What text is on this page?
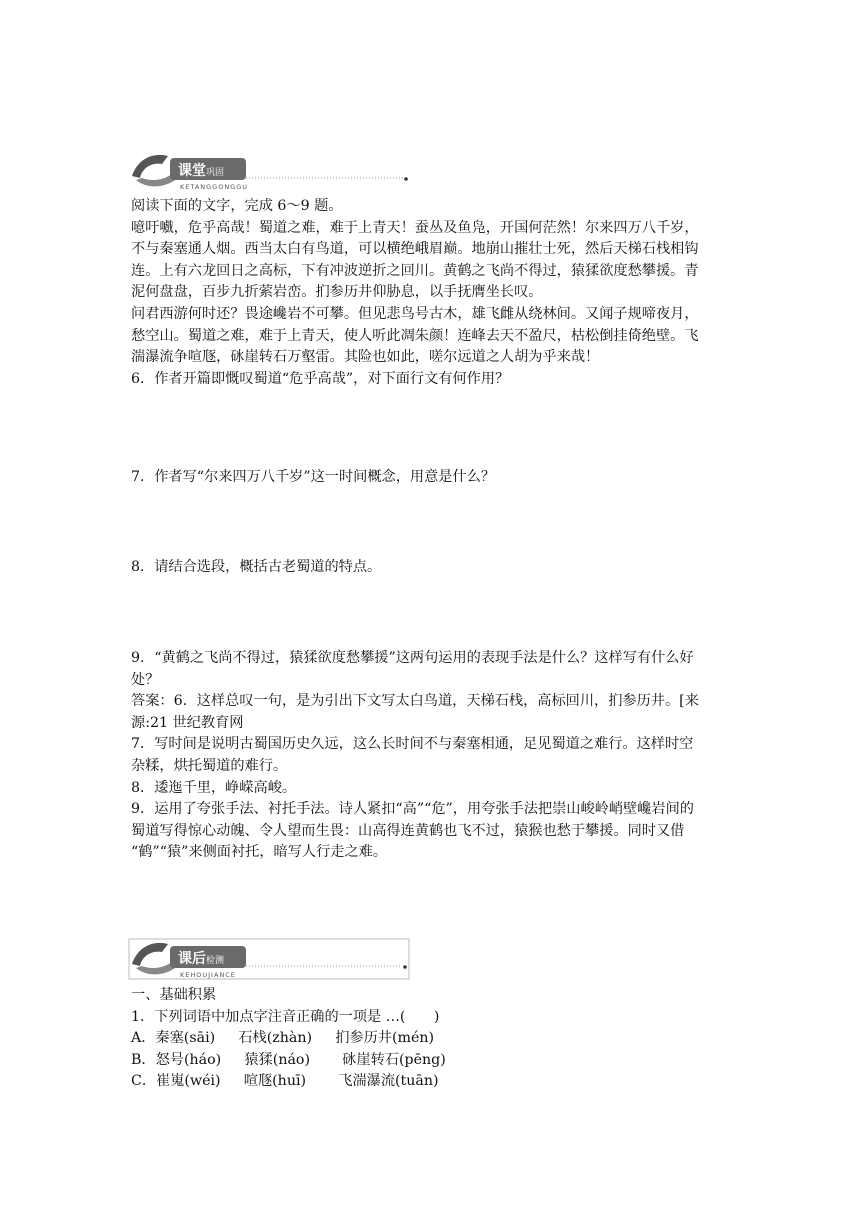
课堂巩固
KETANGGONGGU
阅读下面的文字，完成 6～9 题。
噫吁嚱，危乎高哉！蜀道之难，难于上青天！蚕丛及鱼凫，开国何茫然！尔来四万八千岁，
不与秦塞通人烟。西当太白有鸟道，可以横绝峨眉巅。地崩山摧壮士死，然后天梯石栈相钩
连。上有六龙回日之高标，下有冲波逆折之回川。黄鹤之飞尚不得过，猿猱欲度愁攀援。青
泥何盘盘，百步九折萦岩峦。扪参历井仰胁息，以手抚膺坐长叹。
问君西游何时还？畏途巉岩不可攀。但见悲鸟号古木，雄飞雌从绕林间。又闻子规啼夜月，
愁空山。蜀道之难，难于上青天，使人听此凋朱颜！连峰去天不盈尺，枯松倒挂倚绝壁。飞
湍瀑流争喧豗，砯崖转石万壑雷。其险也如此，嗟尔远道之人胡为乎来哉！
6．作者开篇即慨叹蜀道“危乎高哉”，对下面行文有何作用？
7．作者写“尔来四万八千岁”这一时间概念，用意是什么？
8．请结合选段，概括古老蜀道的特点。
9．“黄鹤之飞尚不得过，猿猱欲度愁攀援”这两句运用的表现手法是什么？这样写有什么好
处？
答案：6．这样总叹一句，是为引出下文写太白鸟道，天梯石栈，高标回川，扪参历井。[来
源:21 世纪教育网
7．写时间是说明古蜀国历史久远，这么长时间不与秦塞相通，足见蜀道之难行。这样时空
杂糅，烘托蜀道的难行。
8．逶迤千里，峥嵘高峻。
9．运用了夸张手法、衬托手法。诗人紧扣“高”“危”，用夸张手法把崇山峻岭峭壁巉岩间的
蜀道写得惊心动魄、令人望而生畏：山高得连黄鹤也飞不过，猿猴也愁于攀援。同时又借
“鹤”“猿”来侧面衬托，暗写人行走之难。
课后检测
KEHOUJIANCE
一、基础积累
1．下列词语中加点字注音正确的一项是 …(　　)
A．秦塞(sāi)　  石栈(zhàn)　  扪参历井(mén)
B．怒号(háo)　  猿猱(náo)　    砯崖转石(pēng)
C．崔嵬(wéi)　  喧豗(huī)　    飞湍瀑流(tuān)
